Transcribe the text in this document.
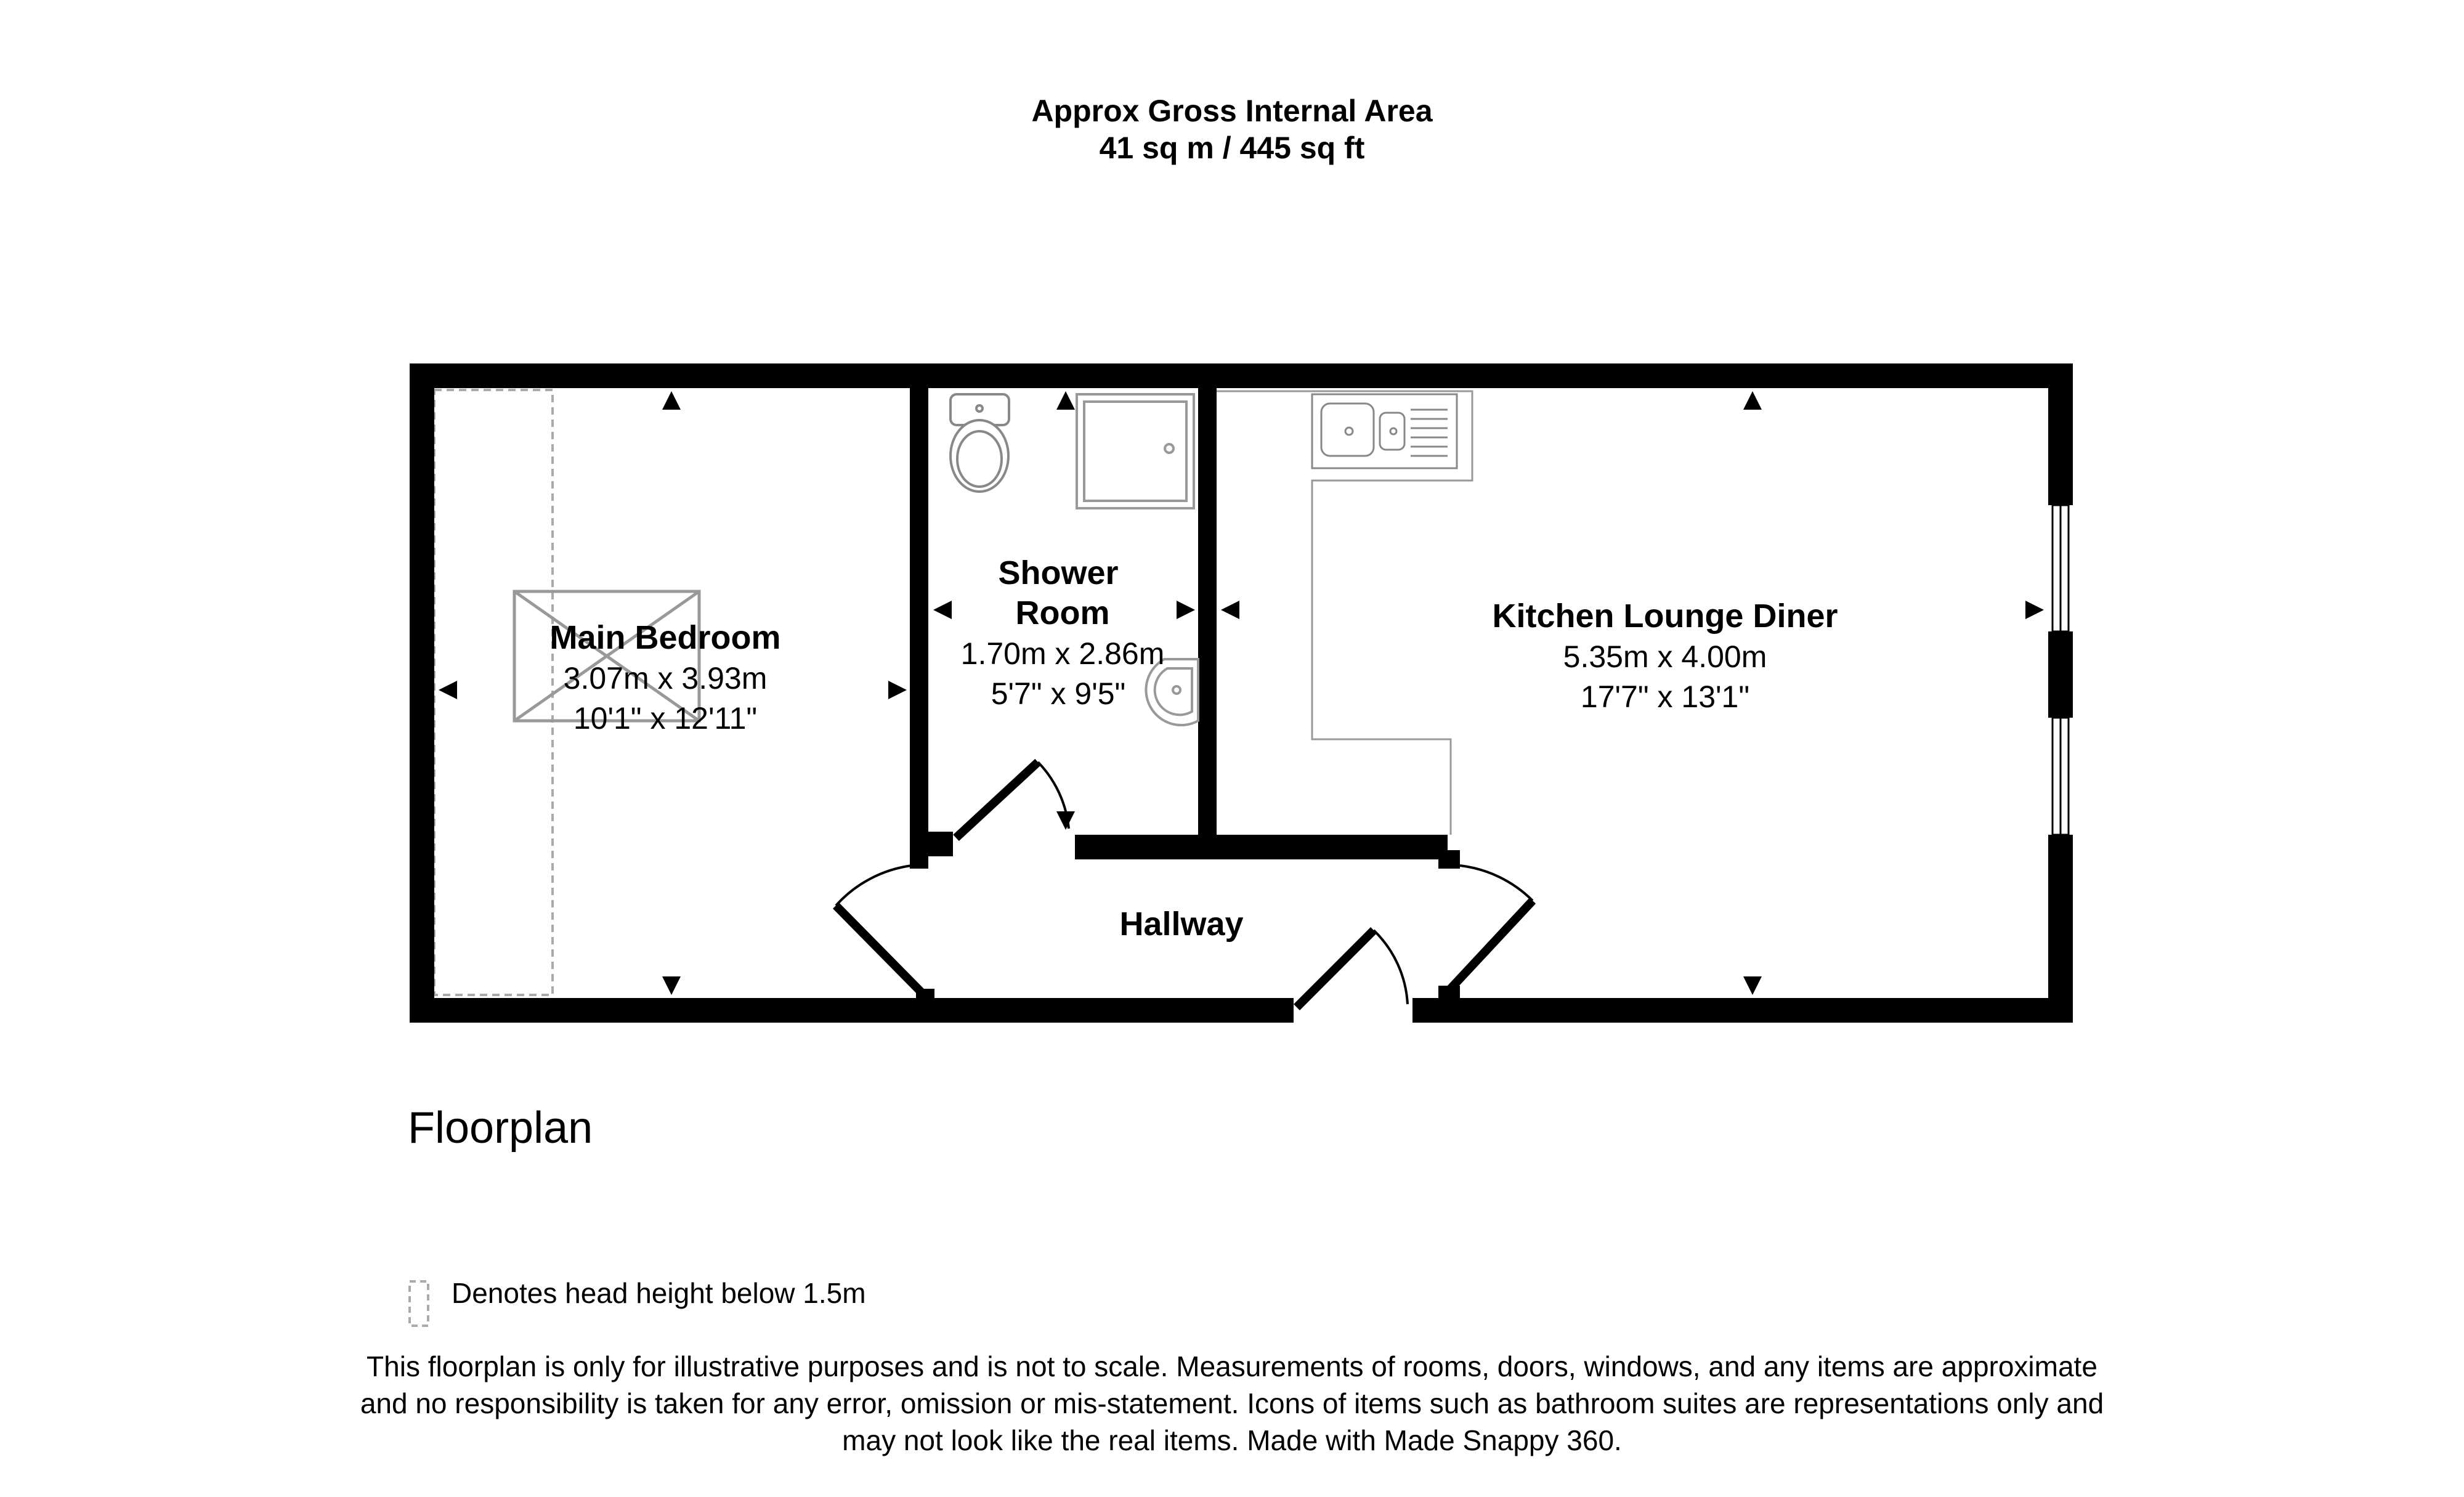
Approx Gross Internal Area
41 sq m / 445 sq ft
Main Bedroom
3.07m x 3.93m
10'1" x 12'11"
Shower
Room
1.70m x 2.86m
5'7" x 9'5"
Kitchen Lounge Diner
5.35m x 4.00m
17'7" x 13'1"
Hallway
Floorplan
Denotes head height below 1.5m
This floorplan is only for illustrative purposes and is not to scale. Measurements of rooms, doors, windows, and any items are approximate
and no responsibility is taken for any error, omission or mis-statement. Icons of items such as bathroom suites are representations only and
may not look like the real items. Made with Made Snappy 360.
